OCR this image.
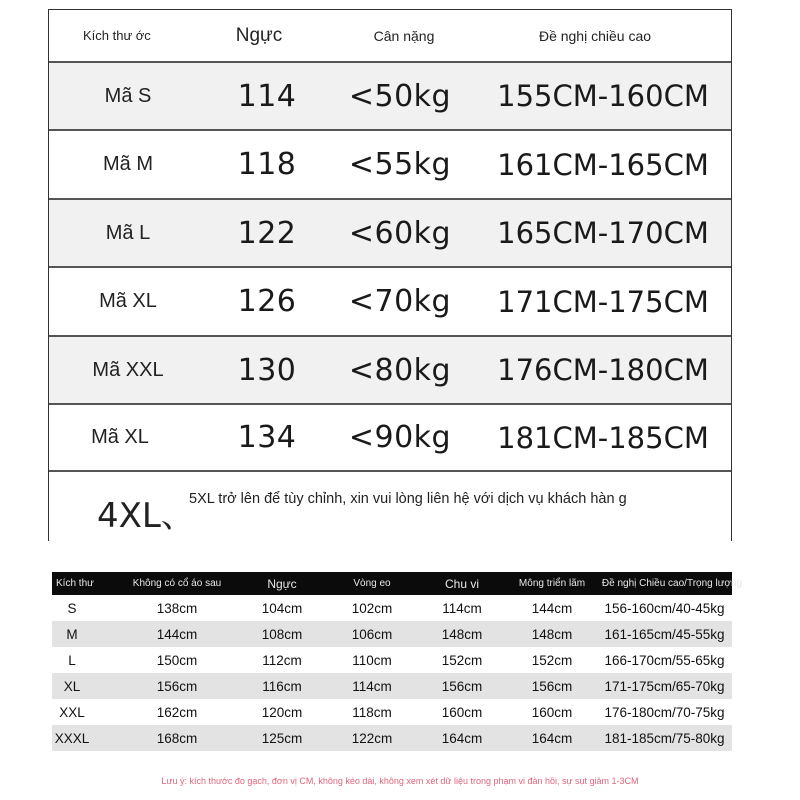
Kích thư ớc	Ngực	Cân nặng	Đề nghị chiều cao
Mã S	114	<50kg	155CM-160CM
Mã M	118	<55kg	161CM-165CM
Mã L	122	<60kg	165CM-170CM
Mã XL	126	<70kg	171CM-175CM
Mã XXL	130	<80kg	176CM-180CM
Mã XL	134	<90kg	181CM-185CM
4XL、
5XL trở lên để tùy chỉnh, xin vui lòng liên hệ với dịch vụ khách hàn g
Kích thư	Không có cổ áo sau	Ngực	Vòng eo	Chu vi	Mông triển lãm	Đề nghị Chiều cao/Trọng lượng
S	138cm	104cm	102cm	114cm	144cm	156-160cm/40-45kg
M	144cm	108cm	106cm	148cm	148cm	161-165cm/45-55kg
L	150cm	112cm	110cm	152cm	152cm	166-170cm/55-65kg
XL	156cm	116cm	114cm	156cm	156cm	171-175cm/65-70kg
XXL	162cm	120cm	118cm	160cm	160cm	176-180cm/70-75kg
XXXL	168cm	125cm	122cm	164cm	164cm	181-185cm/75-80kg
Lưu ý: kích thước đo gạch, đơn vị CM, không kéo dài, không xem xét dữ liệu trong phạm vi đàn hồi, sự sụt giảm 1-3CM
